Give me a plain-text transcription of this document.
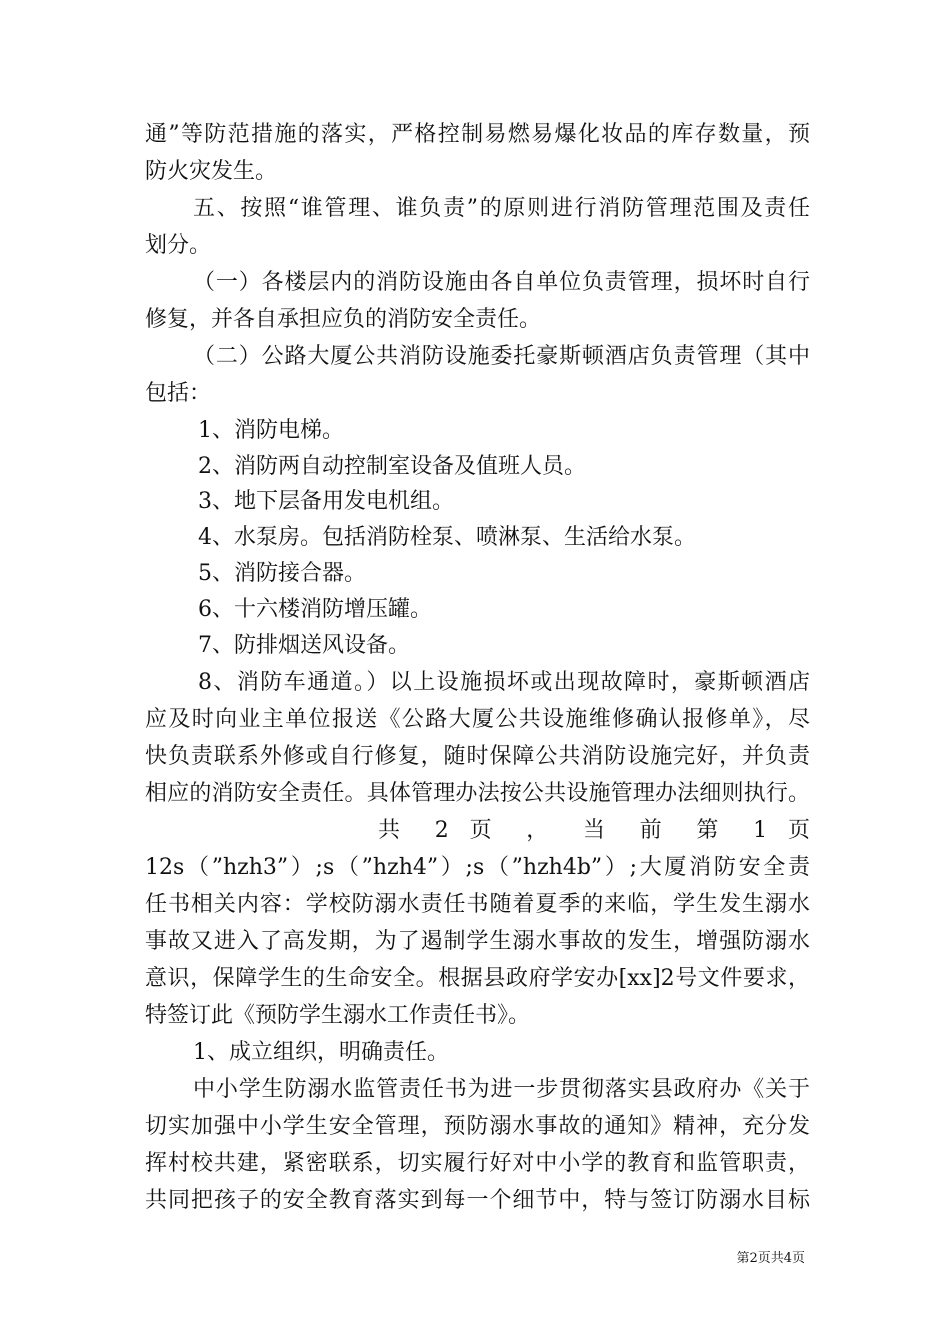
通”等防范措施的落实，严格控制易燃易爆化妆品的库存数量，预
防火灾发生。
五、按照“谁管理、谁负责”的原则进行消防管理范围及责任
划分。
（一）各楼层内的消防设施由各自单位负责管理，损坏时自行
修复，并各自承担应负的消防安全责任。
（二）公路大厦公共消防设施委托豪斯顿酒店负责管理（其中
包括：
1、消防电梯。
2、消防两自动控制室设备及值班人员。
3、地下层备用发电机组。
4、水泵房。包括消防栓泵、喷淋泵、生活给水泵。
5、消防接合器。
6、十六楼消防增压罐。
7、防排烟送风设备。
8、消防车通道。）以上设施损坏或出现故障时，豪斯顿酒店
应及时向业主单位报送《公路大厦公共设施维修确认报修单》，尽
快负责联系外修或自行修复，随时保障公共消防设施完好，并负责
相应的消防安全责任。具体管理办法按公共设施管理办法细则执行。
共 2 页 ， 当 前 第 1 页
12s（”hzh3”）;s（”hzh4”）;s（”hzh4b”）;大厦消防安全责
任书相关内容：学校防溺水责任书随着夏季的来临，学生发生溺水
事故又进入了高发期，为了遏制学生溺水事故的发生，增强防溺水
意识，保障学生的生命安全。根据县政府学安办[xx]2号文件要求，
特签订此《预防学生溺水工作责任书》。
1、成立组织，明确责任。
中小学生防溺水监管责任书为进一步贯彻落实县政府办《关于
切实加强中小学生安全管理，预防溺水事故的通知》精神，充分发
挥村校共建，紧密联系，切实履行好对中小学的教育和监管职责，
共同把孩子的安全教育落实到每一个细节中，特与签订防溺水目标
第2页共4页
